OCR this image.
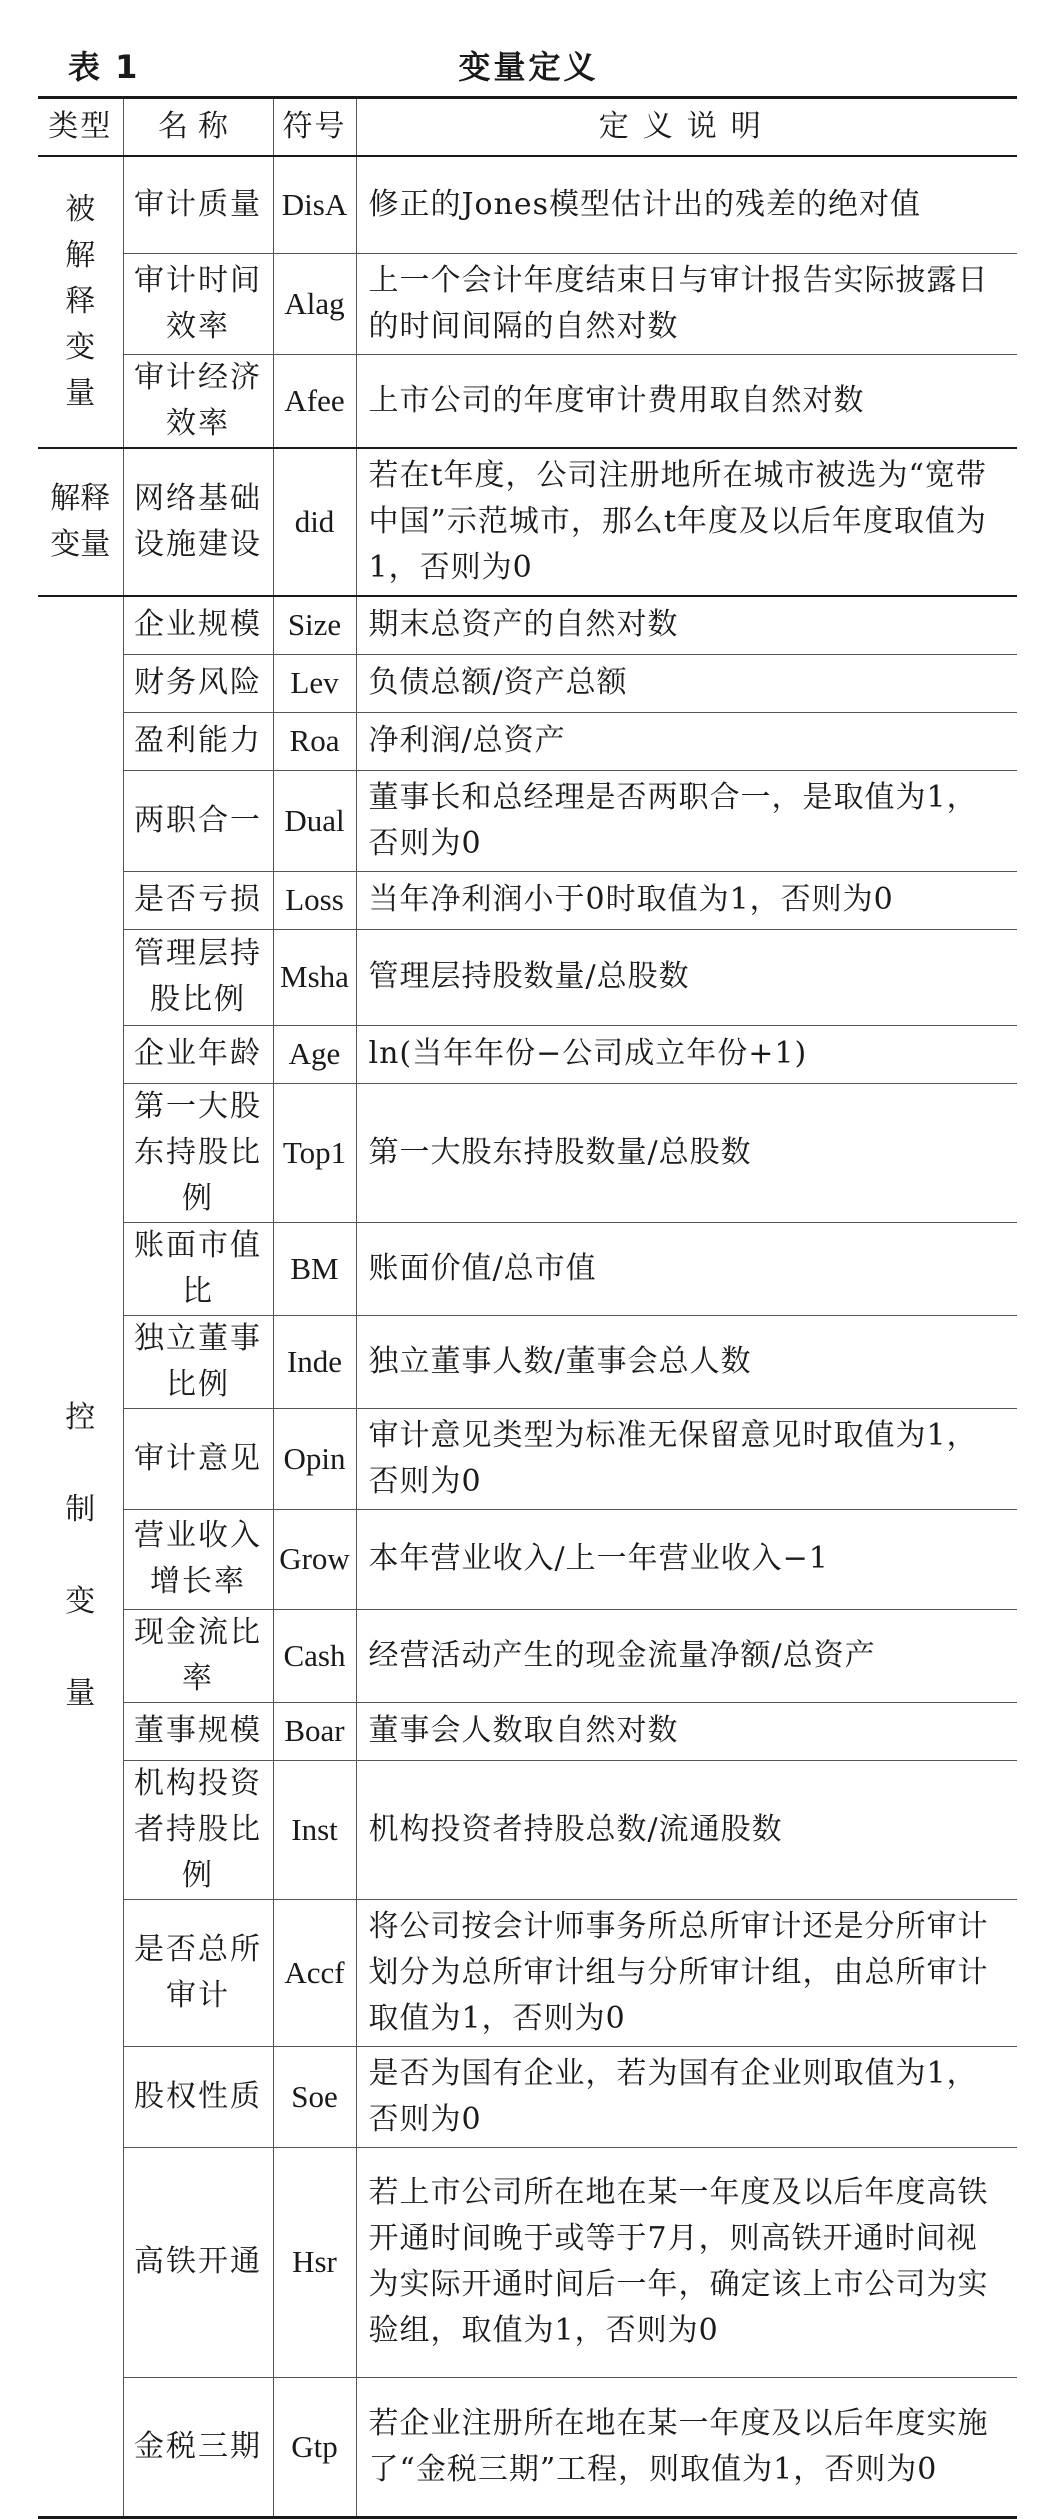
表 1	变量定义
类型	名称	符号	定义说明
被解释变量	审计质量	DisA	修正的Jones模型估计出的残差的绝对值
	审计时间效率	Alag	上一个会计年度结束日与审计报告实际披露日的时间间隔的自然对数
	审计经济效率	Afee	上市公司的年度审计费用取自然对数
解释变量	网络基础设施建设	did	若在t年度，公司注册地所在城市被选为“宽带中国”示范城市，那么t年度及以后年度取值为1，否则为0
控制变量	企业规模	Size	期末总资产的自然对数
	财务风险	Lev	负债总额/资产总额
	盈利能力	Roa	净利润/总资产
	两职合一	Dual	董事长和总经理是否两职合一，是取值为1，否则为0
	是否亏损	Loss	当年净利润小于0时取值为1，否则为0
	管理层持股比例	Msha	管理层持股数量/总股数
	企业年龄	Age	ln(当年年份−公司成立年份+1)
	第一大股东持股比例	Top1	第一大股东持股数量/总股数
	账面市值比	BM	账面价值/总市值
	独立董事比例	Inde	独立董事人数/董事会总人数
	审计意见	Opin	审计意见类型为标准无保留意见时取值为1，否则为0
	营业收入增长率	Grow	本年营业收入/上一年营业收入−1
	现金流比率	Cash	经营活动产生的现金流量净额/总资产
	董事规模	Boar	董事会人数取自然对数
	机构投资者持股比例	Inst	机构投资者持股总数/流通股数
	是否总所审计	Accf	将公司按会计师事务所总所审计还是分所审计划分为总所审计组与分所审计组，由总所审计取值为1，否则为0
	股权性质	Soe	是否为国有企业，若为国有企业则取值为1，否则为0
	高铁开通	Hsr	若上市公司所在地在某一年度及以后年度高铁开通时间晚于或等于7月，则高铁开通时间视为实际开通时间后一年，确定该上市公司为实验组，取值为1，否则为0
	金税三期	Gtp	若企业注册所在地在某一年度及以后年度实施了“金税三期”工程，则取值为1，否则为0
